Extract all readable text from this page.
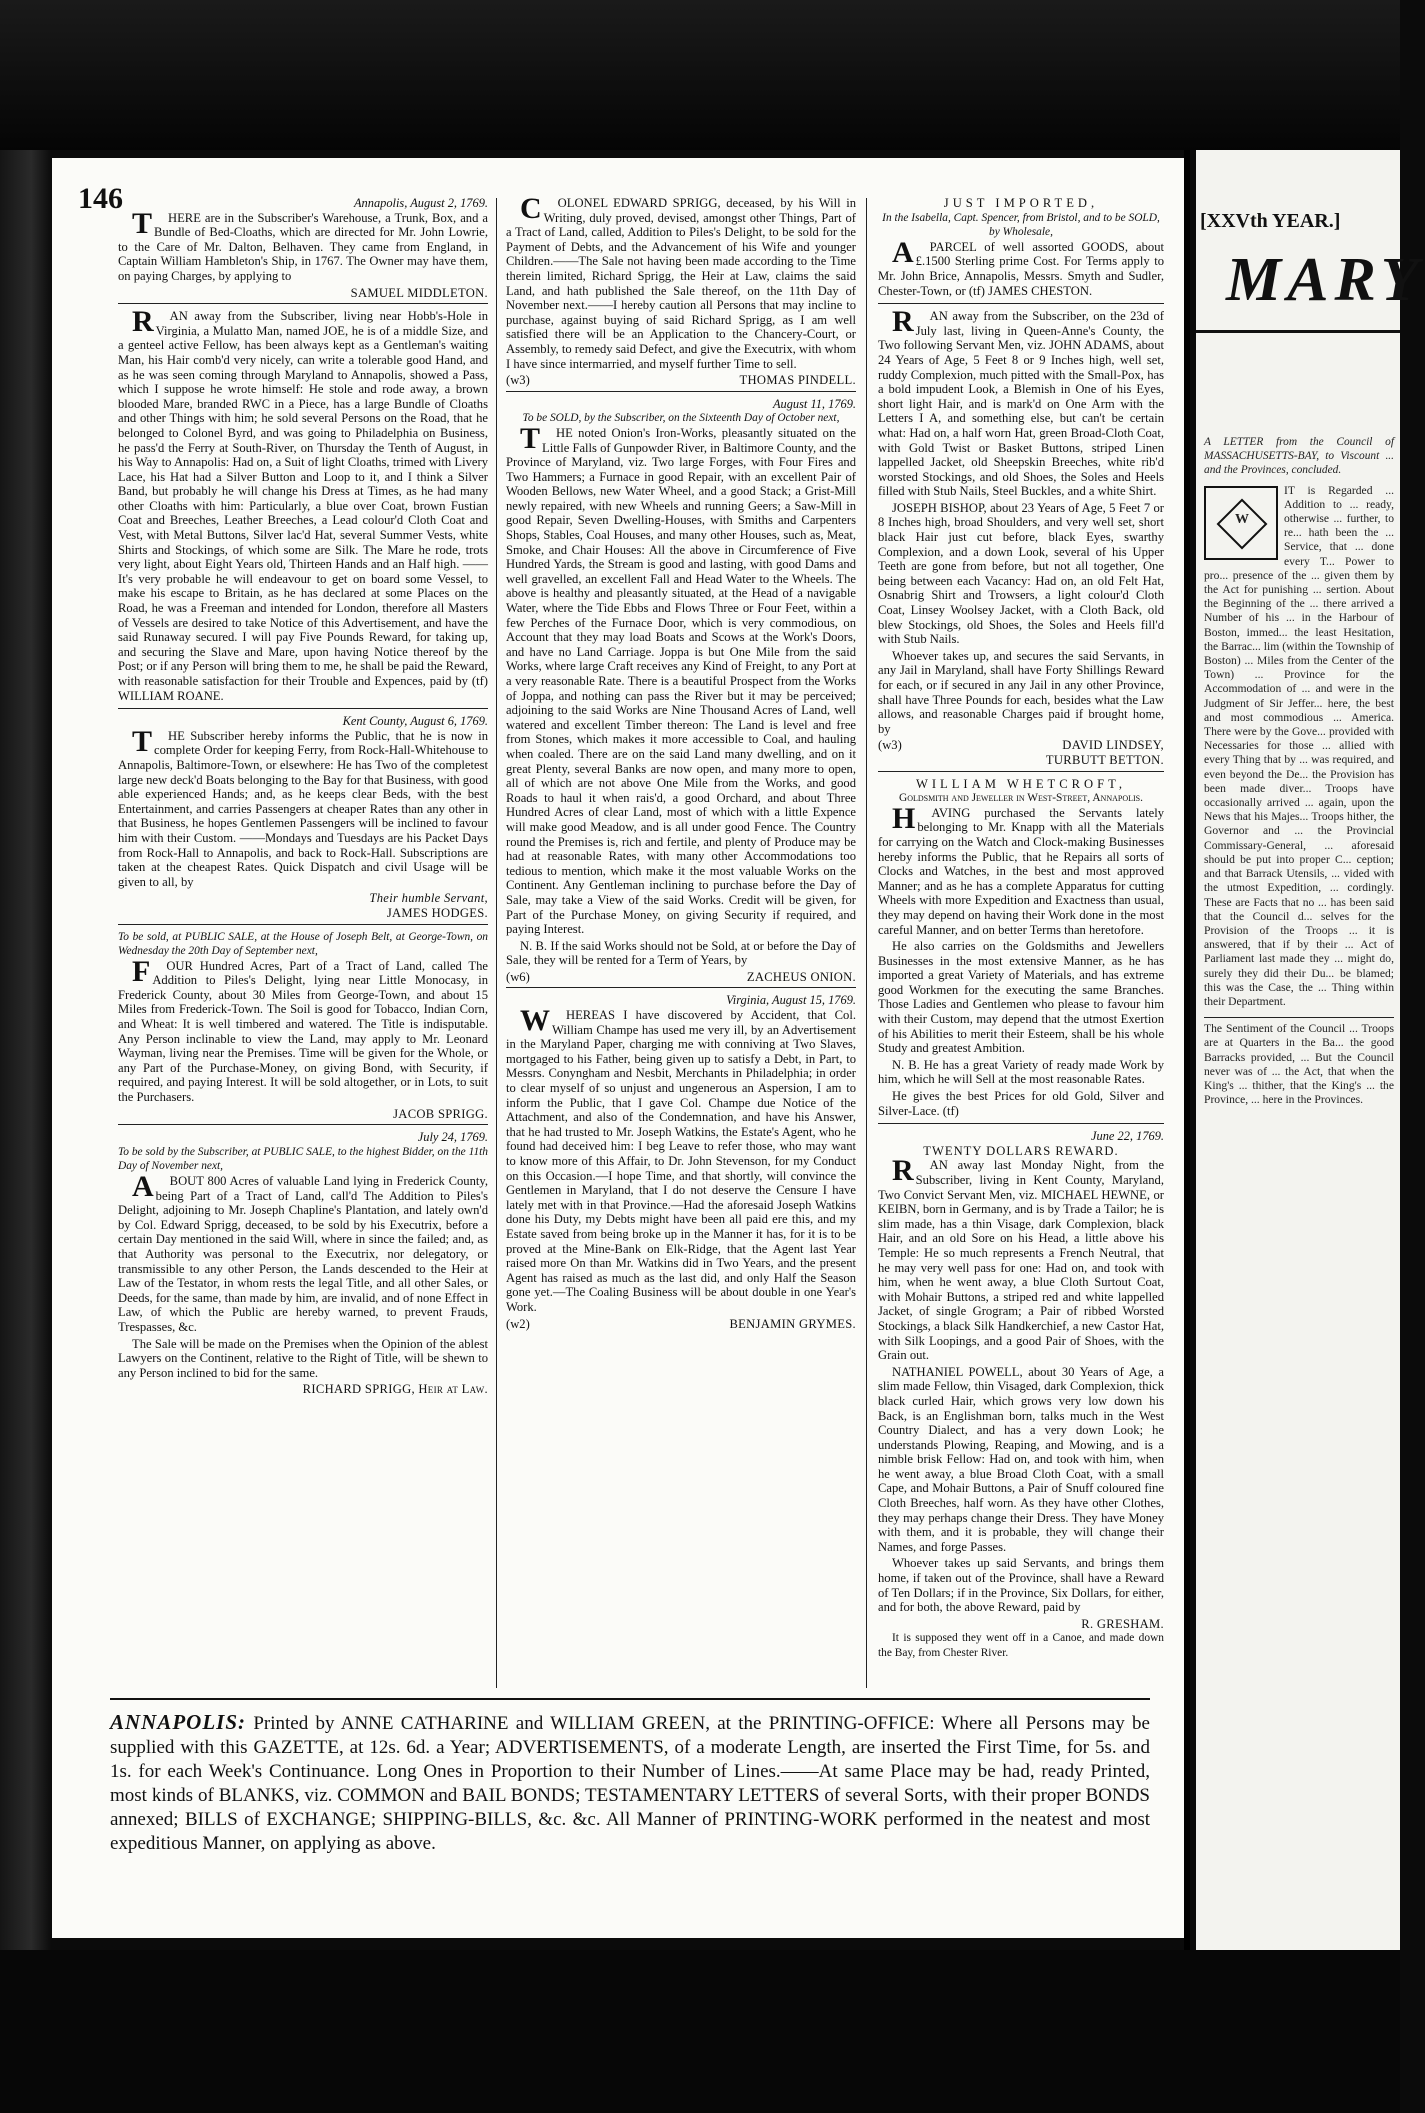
146	Annapolis, August 2, 1769.

THERE are in the Subscriber's Warehouse, a Trunk, Box, and a Bundle of Bed-Cloaths, which are directed for Mr. John Lowrie, to the Care of Mr. Dalton, Belhaven. They came from England, in Captain William Hambleton's Ship, in 1767. The Owner may have them, on paying Charges, by applying to

SAMUEL MIDDLETON.

RAN away from the Subscriber, living near Hobb's-Hole in Virginia, a Mulatto Man, named JOE, he is of a middle Size, and a genteel active Fellow, has been always kept as a Gentleman's waiting Man, his Hair comb'd very nicely, can write a tolerable good Hand, and as he was seen coming through Maryland to Annapolis, showed a Pass, which I suppose he wrote himself: He stole and rode away, a brown blooded Mare, branded RWC in a Piece, has a large Bundle of Cloaths and other Things with him; he sold several Persons on the Road, that he belonged to Colonel Byrd, and was going to Philadelphia on Business, he pass'd the Ferry at South-River, on Thursday the Tenth of August, in his Way to Annapolis: Had on, a Suit of light Cloaths, trimed with Livery Lace, his Hat had a Silver Button and Loop to it, and I think a Silver Band, but probably he will change his Dress at Times, as he had many other Cloaths with him: Particularly, a blue over Coat, brown Fustian Coat and Breeches, Leather Breeches, a Lead colour'd Cloth Coat and Vest, with Metal Buttons, Silver lac'd Hat, several Summer Vests, white Shirts and Stockings, of which some are Silk. The Mare he rode, trots very light, about Eight Years old, Thirteen Hands and an Half high. ——It's very probable he will endeavour to get on board some Vessel, to make his escape to Britain, as he has declared at some Places on the Road, he was a Freeman and intended for London, therefore all Masters of Vessels are desired to take Notice of this Advertisement, and have the said Runaway secured. I will pay Five Pounds Reward, for taking up, and securing the Slave and Mare, upon having Notice thereof by the Post; or if any Person will bring them to me, he shall be paid the Reward, with reasonable satisfaction for their Trouble and Expences, paid by (tf) WILLIAM ROANE.

Kent County, August 6, 1769.

THE Subscriber hereby informs the Public, that he is now in complete Order for keeping Ferry, from Rock-Hall-Whitehouse to Annapolis, Baltimore-Town, or elsewhere: He has Two of the completest large new deck'd Boats belonging to the Bay for that Business, with good able experienced Hands; and, as he keeps clear Beds, with the best Entertainment, and carries Passengers at cheaper Rates than any other in that Business, he hopes Gentlemen Passengers will be inclined to favour him with their Custom. ——Mondays and Tuesdays are his Packet Days from Rock-Hall to Annapolis, and back to Rock-Hall. Subscriptions are taken at the cheapest Rates. Quick Dispatch and civil Usage will be given to all, by

Their humble Servant,
JAMES HODGES.
To be sold, at PUBLIC SALE, at the House of Joseph Belt, at George-Town, on Wednesday the 20th Day of September next,

FOUR Hundred Acres, Part of a Tract of Land, called The Addition to Piles's Delight, lying near Little Monocasy, in Frederick County, about 30 Miles from George-Town, and about 15 Miles from Frederick-Town. The Soil is good for Tobacco, Indian Corn, and Wheat: It is well timbered and watered. The Title is indisputable. Any Person inclinable to view the Land, may apply to Mr. Leonard Wayman, living near the Premises. Time will be given for the Whole, or any Part of the Purchase-Money, on giving Bond, with Security, if required, and paying Interest. It will be sold altogether, or in Lots, to suit the Purchasers.

JACOB SPRIGG.
July 24, 1769.
To be sold by the Subscriber, at PUBLIC SALE, to the highest Bidder, on the 11th Day of November next,

ABOUT 800 Acres of valuable Land lying in Frederick County, being Part of a Tract of Land, call'd The Addition to Piles's Delight, adjoining to Mr. Joseph Chapline's Plantation, and lately own'd by Col. Edward Sprigg, deceased, to be sold by his Executrix, before a certain Day mentioned in the said Will, where in since the failed; and, as that Authority was personal to the Executrix, nor delegatory, or transmissible to any other Person, the Lands descended to the Heir at Law of the Testator, in whom rests the legal Title, and all other Sales, or Deeds, for the same, than made by him, are invalid, and of none Effect in Law, of which the Public are hereby warned, to prevent Frauds, Trespasses, &c.

The Sale will be made on the Premises when the Opinion of the ablest Lawyers on the Continent, relative to the Right of Title, will be shewn to any Person inclined to bid for the same.

RICHARD SPRIGG, Heir at Law.

COLONEL EDWARD SPRIGG, deceased, by his Will in Writing, duly proved, devised, amongst other Things, Part of a Tract of Land, called, Addition to Piles's Delight, to be sold for the Payment of Debts, and the Advancement of his Wife and younger Children.——The Sale not having been made according to the Time therein limited, Richard Sprigg, the Heir at Law, claims the said Land, and hath published the Sale thereof, on the 11th Day of November next.——I hereby caution all Persons that may incline to purchase, against buying of said Richard Sprigg, as I am well satisfied there will be an Application to the Chancery-Court, or Assembly, to remedy said Defect, and give the Executrix, with whom I have since intermarried, and myself further Time to sell.

(w3)	THOMAS PINDELL.
August 11, 1769.
To be SOLD, by the Subscriber, on the Sixteenth Day of October next,

THE noted Onion's Iron-Works, pleasantly situated on the Little Falls of Gunpowder River, in Baltimore County, and the Province of Maryland, viz. Two large Forges, with Four Fires and Two Hammers; a Furnace in good Repair, with an excellent Pair of Wooden Bellows, new Water Wheel, and a good Stack; a Grist-Mill newly repaired, with new Wheels and running Geers; a Saw-Mill in good Repair, Seven Dwelling-Houses, with Smiths and Carpenters Shops, Stables, Coal Houses, and many other Houses, such as, Meat, Smoke, and Chair Houses: All the above in Circumference of Five Hundred Yards, the Stream is good and lasting, with good Dams and well gravelled, an excellent Fall and Head Water to the Wheels. The above is healthy and pleasantly situated, at the Head of a navigable Water, where the Tide Ebbs and Flows Three or Four Feet, within a few Perches of the Furnace Door, which is very commodious, on Account that they may load Boats and Scows at the Work's Doors, and have no Land Carriage. Joppa is but One Mile from the said Works, where large Craft receives any Kind of Freight, to any Port at a very reasonable Rate. There is a beautiful Prospect from the Works of Joppa, and nothing can pass the River but it may be perceived; adjoining to the said Works are Nine Thousand Acres of Land, well watered and excellent Timber thereon: The Land is level and free from Stones, which makes it more accessible to Coal, and hauling when coaled. There are on the said Land many dwelling, and on it great Plenty, several Banks are now open, and many more to open, all of which are not above One Mile from the Works, and good Roads to haul it when rais'd, a good Orchard, and about Three Hundred Acres of clear Land, most of which with a little Expence will make good Meadow, and is all under good Fence. The Country round the Premises is, rich and fertile, and plenty of Produce may be had at reasonable Rates, with many other Accommodations too tedious to mention, which make it the most valuable Works on the Continent. Any Gentleman inclining to purchase before the Day of Sale, may take a View of the said Works. Credit will be given, for Part of the Purchase Money, on giving Security if required, and paying Interest.

N. B. If the said Works should not be Sold, at or before the Day of Sale, they will be rented for a Term of Years, by

(w6)	ZACHEUS ONION.
Virginia, August 15, 1769.

WHEREAS I have discovered by Accident, that Col. William Champe has used me very ill, by an Advertisement in the Maryland Paper, charging me with conniving at Two Slaves, mortgaged to his Father, being given up to satisfy a Debt, in Part, to Messrs. Conyngham and Nesbit, Merchants in Philadelphia; in order to clear myself of so unjust and ungenerous an Aspersion, I am to inform the Public, that I gave Col. Champe due Notice of the Attachment, and also of the Condemnation, and have his Answer, that he had trusted to Mr. Joseph Watkins, the Estate's Agent, who he found had deceived him: I beg Leave to refer those, who may want to know more of this Affair, to Dr. John Stevenson, for my Conduct on this Occasion.—I hope Time, and that shortly, will convince the Gentlemen in Maryland, that I do not deserve the Censure I have lately met with in that Province.—Had the aforesaid Joseph Watkins done his Duty, my Debts might have been all paid ere this, and my Estate saved from being broke up in the Manner it has, for it is to be proved at the Mine-Bank on Elk-Ridge, that the Agent last Year raised more On than Mr. Watkins did in Two Years, and the present Agent has raised as much as the last did, and only Half the Season gone yet.—The Coaling Business will be about double in one Year's Work.

(w2)	BENJAMIN GRYMES.
JUST IMPORTED,
In the Isabella, Capt. Spencer, from Bristol, and to be SOLD, by Wholesale,

APARCEL of well assorted GOODS, about £.1500 Sterling prime Cost. For Terms apply to Mr. John Brice, Annapolis, Messrs. Smyth and Sudler, Chester-Town, or (tf) JAMES CHESTON.

RAN away from the Subscriber, on the 23d of July last, living in Queen-Anne's County, the Two following Servant Men, viz. JOHN ADAMS, about 24 Years of Age, 5 Feet 8 or 9 Inches high, well set, ruddy Complexion, much pitted with the Small-Pox, has a bold impudent Look, a Blemish in One of his Eyes, short light Hair, and is mark'd on One Arm with the Letters I A, and something else, but can't be certain what: Had on, a half worn Hat, green Broad-Cloth Coat, with Gold Twist or Basket Buttons, striped Linen lappelled Jacket, old Sheepskin Breeches, white rib'd worsted Stockings, and old Shoes, the Soles and Heels filled with Stub Nails, Steel Buckles, and a white Shirt.

JOSEPH BISHOP, about 23 Years of Age, 5 Feet 7 or 8 Inches high, broad Shoulders, and very well set, short black Hair just cut before, black Eyes, swarthy Complexion, and a down Look, several of his Upper Teeth are gone from before, but not all together, One being between each Vacancy: Had on, an old Felt Hat, Osnabrig Shirt and Trowsers, a light colour'd Cloth Coat, Linsey Woolsey Jacket, with a Cloth Back, old blew Stockings, old Shoes, the Soles and Heels fill'd with Stub Nails.

Whoever takes up, and secures the said Servants, in any Jail in Maryland, shall have Forty Shillings Reward for each, or if secured in any Jail in any other Province, shall have Three Pounds for each, besides what the Law allows, and reasonable Charges paid if brought home, by

(w3)	DAVID LINDSEY,
TURBUTT BETTON.
WILLIAM WHETCROFT,
Goldsmith and Jeweller in West-Street, Annapolis.

HAVING purchased the Servants lately belonging to Mr. Knapp with all the Materials for carrying on the Watch and Clock-making Businesses hereby informs the Public, that he Repairs all sorts of Clocks and Watches, in the best and most approved Manner; and as he has a complete Apparatus for cutting Wheels with more Expedition and Exactness than usual, they may depend on having their Work done in the most careful Manner, and on better Terms than heretofore.

He also carries on the Goldsmiths and Jewellers Businesses in the most extensive Manner, as he has imported a great Variety of Materials, and has extreme good Workmen for the executing the same Branches. Those Ladies and Gentlemen who please to favour him with their Custom, may depend that the utmost Exertion of his Abilities to merit their Esteem, shall be his whole Study and greatest Ambition.

N. B. He has a great Variety of ready made Work by him, which he will Sell at the most reasonable Rates.

He gives the best Prices for old Gold, Silver and Silver-Lace. (tf)

June 22, 1769.
TWENTY DOLLARS REWARD.

RAN away last Monday Night, from the Subscriber, living in Kent County, Maryland, Two Convict Servant Men, viz. MICHAEL HEWNE, or KEIBN, born in Germany, and is by Trade a Tailor; he is slim made, has a thin Visage, dark Complexion, black Hair, and an old Sore on his Head, a little above his Temple: He so much represents a French Neutral, that he may very well pass for one: Had on, and took with him, when he went away, a blue Cloth Surtout Coat, with Mohair Buttons, a striped red and white lappelled Jacket, of single Grogram; a Pair of ribbed Worsted Stockings, a black Silk Handkerchief, a new Castor Hat, with Silk Loopings, and a good Pair of Shoes, with the Grain out.

NATHANIEL POWELL, about 30 Years of Age, a slim made Fellow, thin Visaged, dark Complexion, thick black curled Hair, which grows very low down his Back, is an Englishman born, talks much in the West Country Dialect, and has a very down Look; he understands Plowing, Reaping, and Mowing, and is a nimble brisk Fellow: Had on, and took with him, when he went away, a blue Broad Cloth Coat, with a small Cape, and Mohair Buttons, a Pair of Snuff coloured fine Cloth Breeches, half worn. As they have other Clothes, they may perhaps change their Dress. They have Money with them, and it is probable, they will change their Names, and forge Passes.

Whoever takes up said Servants, and brings them home, if taken out of the Province, shall have a Reward of Ten Dollars; if in the Province, Six Dollars, for either, and for both, the above Reward, paid by

R. GRESHAM.

It is supposed they went off in a Canoe, and made down the Bay, from Chester River.

ANNAPOLIS: Printed by ANNE CATHARINE and WILLIAM GREEN, at the PRINTING-OFFICE: Where all Persons may be supplied with this GAZETTE, at 12s. 6d. a Year; ADVERTISEMENTS, of a moderate Length, are inserted the First Time, for 5s. and 1s. for each Week's Continuance. Long Ones in Proportion to their Number of Lines.——At same Place may be had, ready Printed, most kinds of BLANKS, viz. COMMON and BAIL BONDS; TESTAMENTARY LETTERS of several Sorts, with their proper BONDS annexed; BILLS of EXCHANGE; SHIPPING-BILLS, &c. &c. All Manner of PRINTING-WORK performed in the neatest and most expeditious Manner, on applying as above.
[XXVth YEAR.]
MARY
A LETTER from the Council of MASSACHUSETTS-BAY, to Viscount ... and the Provinces, concluded.
W
IT is Regarded ... Addition to ... ready, otherwise ... further, to re... hath been the ... Service, that ... done every T... Power to pro... presence of the ... given them by the Act for punishing ... sertion. About the Beginning of the ... there arrived a Number of his ... in the Harbour of Boston, immed... the least Hesitation, the Barrac... lim (within the Township of Boston) ... Miles from the Center of the Town) ... Province for the Accommodation of ... and were in the Judgment of Sir Jeffer... here, the best and most commodious ... America. There were by the Gove... provided with Necessaries for those ... allied with every Thing that by ... was required, and even beyond the De... the Provision has been made diver... Troops have occasionally arrived ... again, upon the News that his Majes... Troops hither, the Governor and ... the Provincial Commissary-General, ... aforesaid should be put into proper C... ception; and that Barrack Utensils, ... vided with the utmost Expedition, ... cordingly. These are Facts that no ... has been said that the Council d... selves for the Provision of the Troops ... it is answered, that if by their ... Act of Parliament last made they ... might do, surely they did their Du... be blamed; this was the Case, the ... Thing within their Department.
The Sentiment of the Council ... Troops are at Quarters in the Ba... the good Barracks provided, ... But the Council never was of ... the Act, that when the King's ... thither, that the King's ... the Province, ... here in the Provinces.
